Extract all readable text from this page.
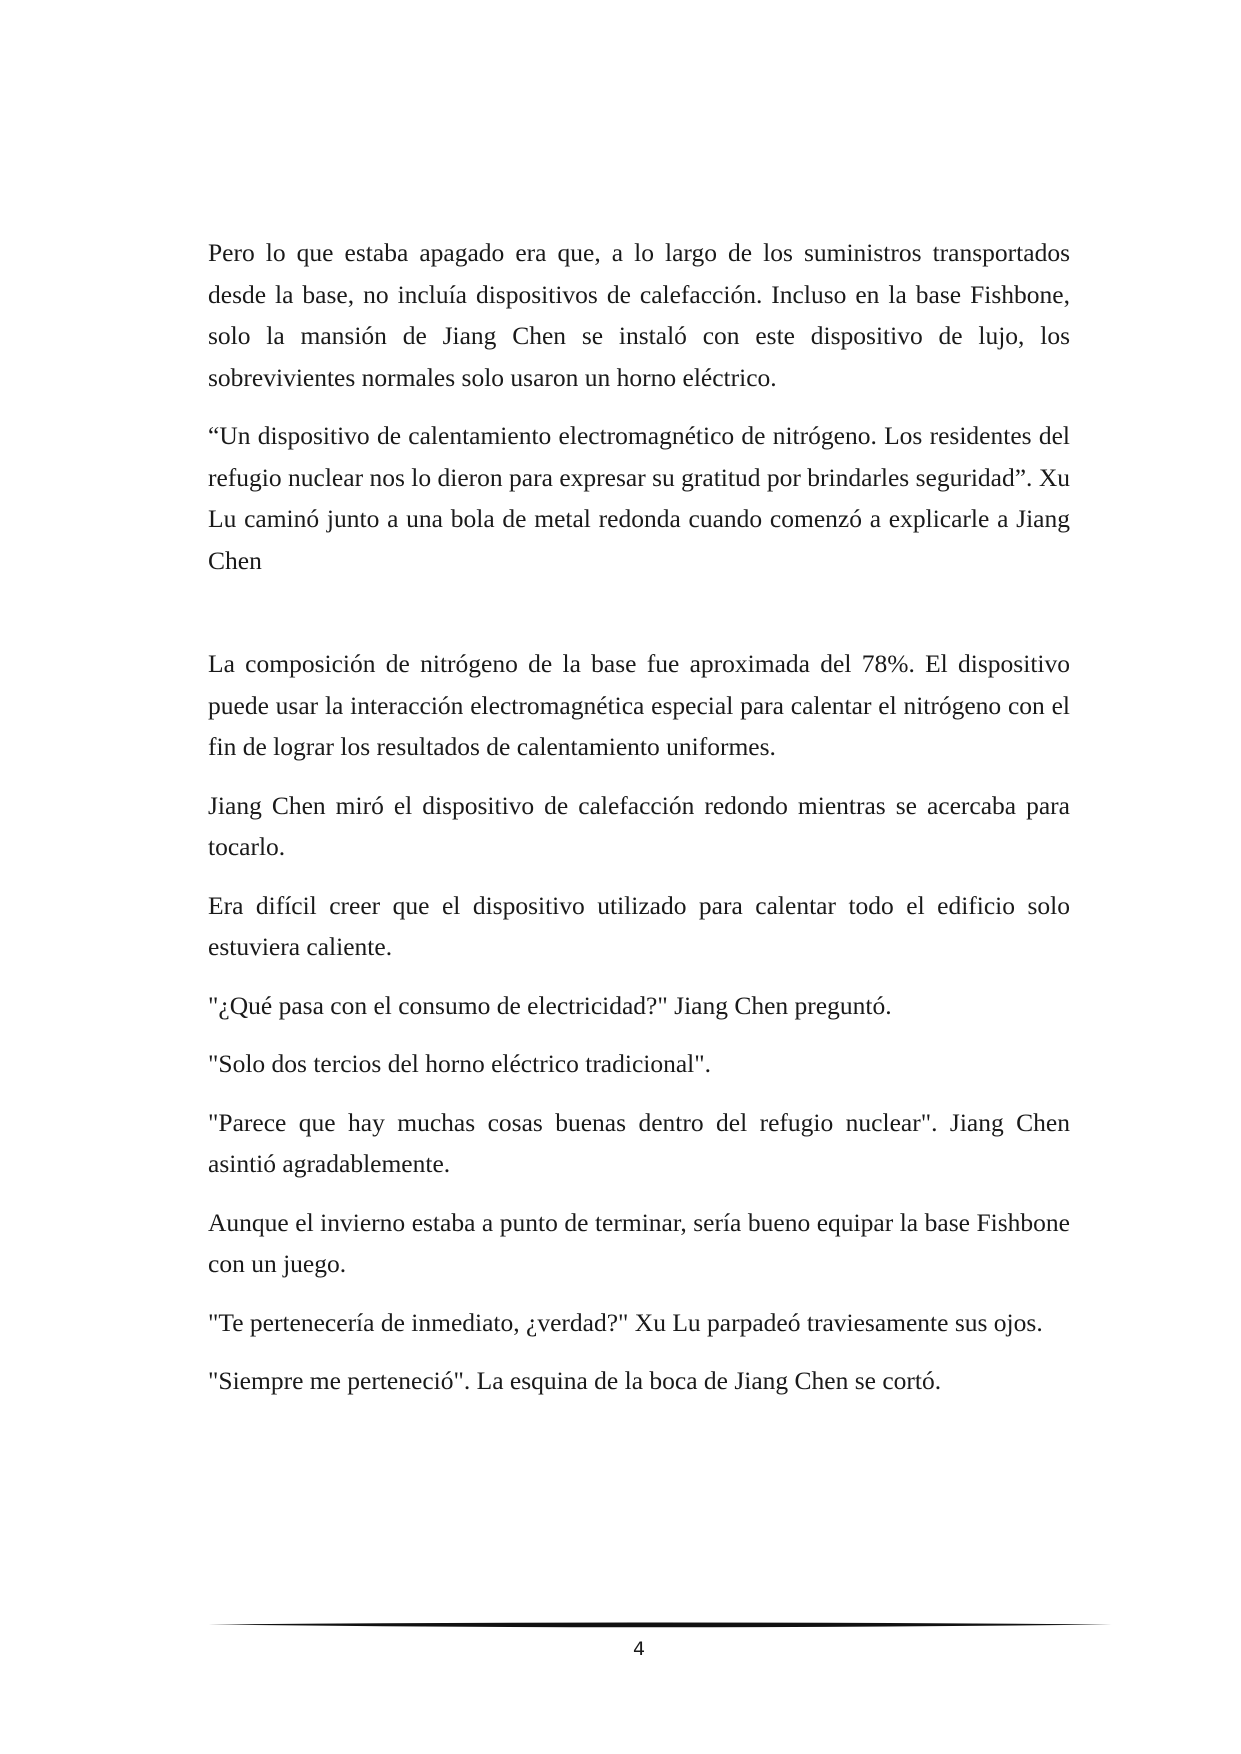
Pero lo que estaba apagado era que, a lo largo de los suministros transportados desde la base, no incluía dispositivos de calefacción. Incluso en la base Fishbone, solo la mansión de Jiang Chen se instaló con este dispositivo de lujo, los sobrevivientes normales solo usaron un horno eléctrico.

“Un dispositivo de calentamiento electromagnético de nitrógeno. Los residentes del refugio nuclear nos lo dieron para expresar su gratitud por brindarles seguridad”. Xu Lu caminó junto a una bola de metal redonda cuando comenzó a explicarle a Jiang Chen

La composición de nitrógeno de la base fue aproximada del 78%. El dispositivo puede usar la interacción electromagnética especial para calentar el nitrógeno con el fin de lograr los resultados de calentamiento uniformes.

Jiang Chen miró el dispositivo de calefacción redondo mientras se acercaba para tocarlo.

Era difícil creer que el dispositivo utilizado para calentar todo el edificio solo estuviera caliente.

"¿Qué pasa con el consumo de electricidad?" Jiang Chen preguntó.

"Solo dos tercios del horno eléctrico tradicional".

"Parece que hay muchas cosas buenas dentro del refugio nuclear". Jiang Chen asintió agradablemente.

Aunque el invierno estaba a punto de terminar, sería bueno equipar la base Fishbone con un juego.

"Te pertenecería de inmediato, ¿verdad?" Xu Lu parpadeó traviesamente sus ojos.

"Siempre me perteneció". La esquina de la boca de Jiang Chen se cortó.

4
